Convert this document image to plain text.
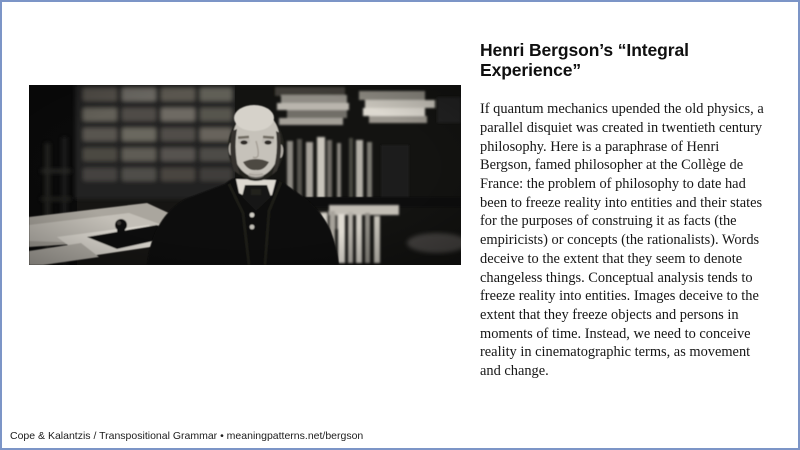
Henri Bergson’s “Integral Experience”

If quantum mechanics upended the old physics, a parallel disquiet was created in twentieth century philosophy. Here is a paraphrase of Henri Bergson, famed philosopher at the Collège de France: the problem of philosophy to date had been to freeze reality into entities and their states for the purposes of construing it as facts (the empiricists) or concepts (the rationalists). Words deceive to the extent that they seem to denote changeless things. Conceptual analysis tends to freeze reality into entities. Images deceive to the extent that they freeze objects and persons in moments of time. Instead, we need to conceive reality in cinematographic terms, as movement and change.

Cope & Kalantzis / Transpositional Grammar • meaningpatterns.net/bergson
